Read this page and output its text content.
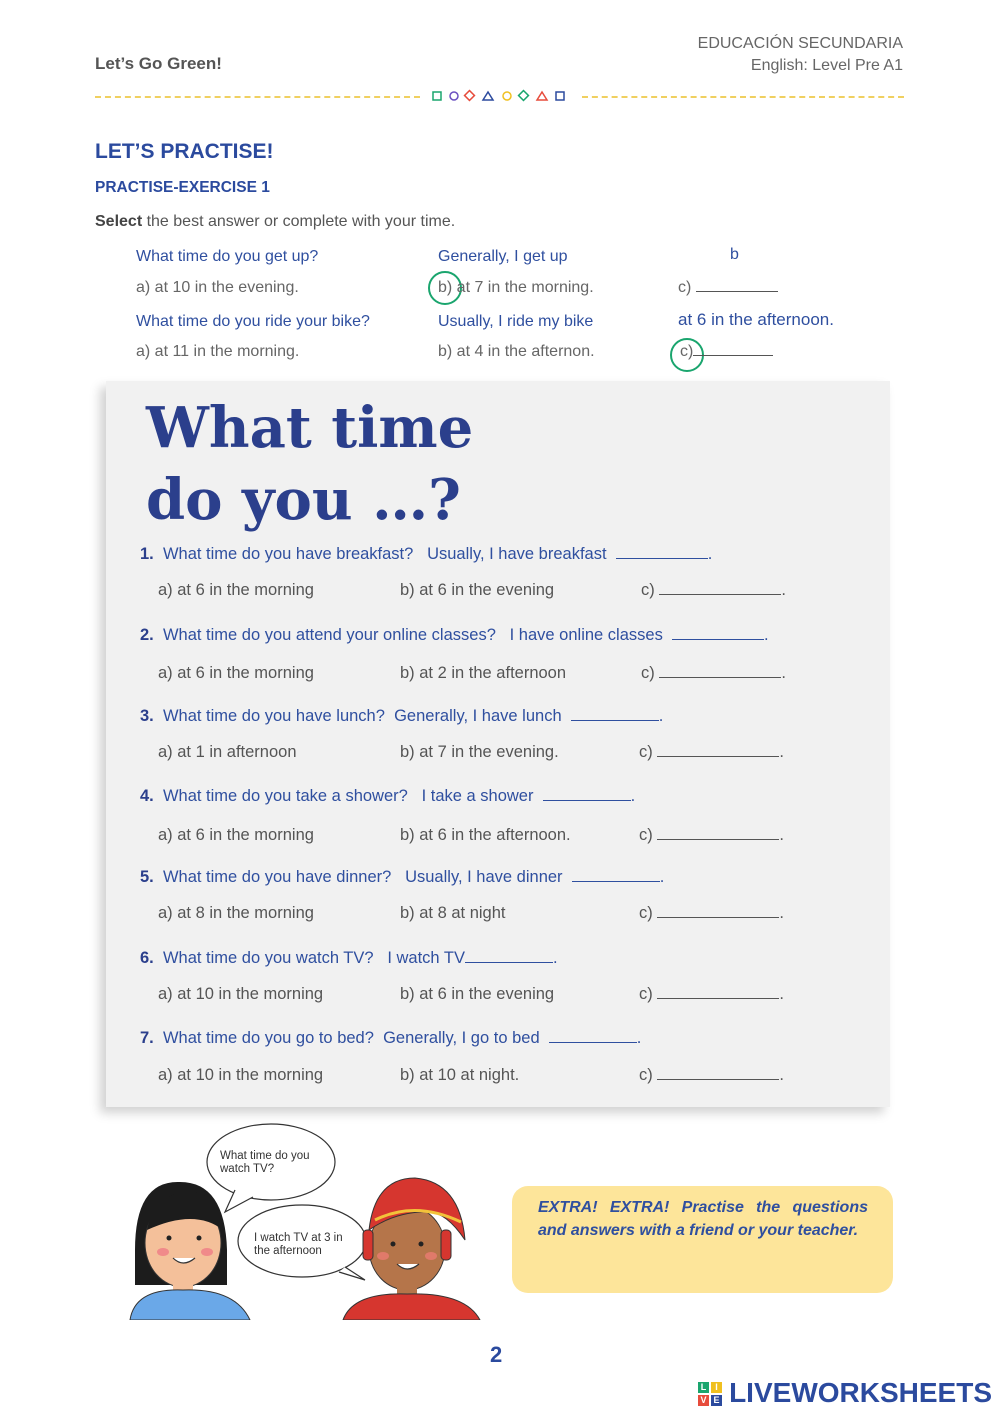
Let’s Go Green!
EDUCACIÓN SECUNDARIA
English: Level Pre A1
LET’S PRACTISE!
PRACTISE-EXERCISE 1
Select the best answer or complete with your time.
What time do you get up?	Generally, I get up	b
a) at 10 in the evening.	b) at 7 in the morning.	c)
What time do you ride your bike?	Usually, I ride my bike	at 6 in the afternoon.
a) at 11 in the morning.	b) at 4 in the afternon.	c)
What time
do you …?
1. What time do you have breakfast? Usually, I have breakfast	.
a) at 6 in the morning	b) at 6 in the evening	c)	.
2. What time do you attend your online classes? I have online classes	.
a) at 6 in the morning	b) at 2 in the afternoon	c)	.
3. What time do you have lunch? Generally, I have lunch	.
a) at 1 in afternoon	b) at 7 in the evening.	c)	.
4. What time do you take a shower? I take a shower	.
a) at 6 in the morning	b) at 6 in the afternoon.	c)	.
5. What time do you have dinner? Usually, I have dinner	.
a) at 8 in the morning	b) at 8 at night	c)	.
6. What time do you watch TV? I watch TV	.
a) at 10 in the morning	b) at 6 in the evening	c)	.
7. What time do you go to bed? Generally, I go to bed	.
a) at 10 in the morning	b) at 10 at night.	c)	.
What time do you watch TV?
I watch TV at 3 in the afternoon
EXTRA! EXTRA! Practise the questions and answers with a friend or your teacher.
2
L I
V E LIVEWORKSHEETS
